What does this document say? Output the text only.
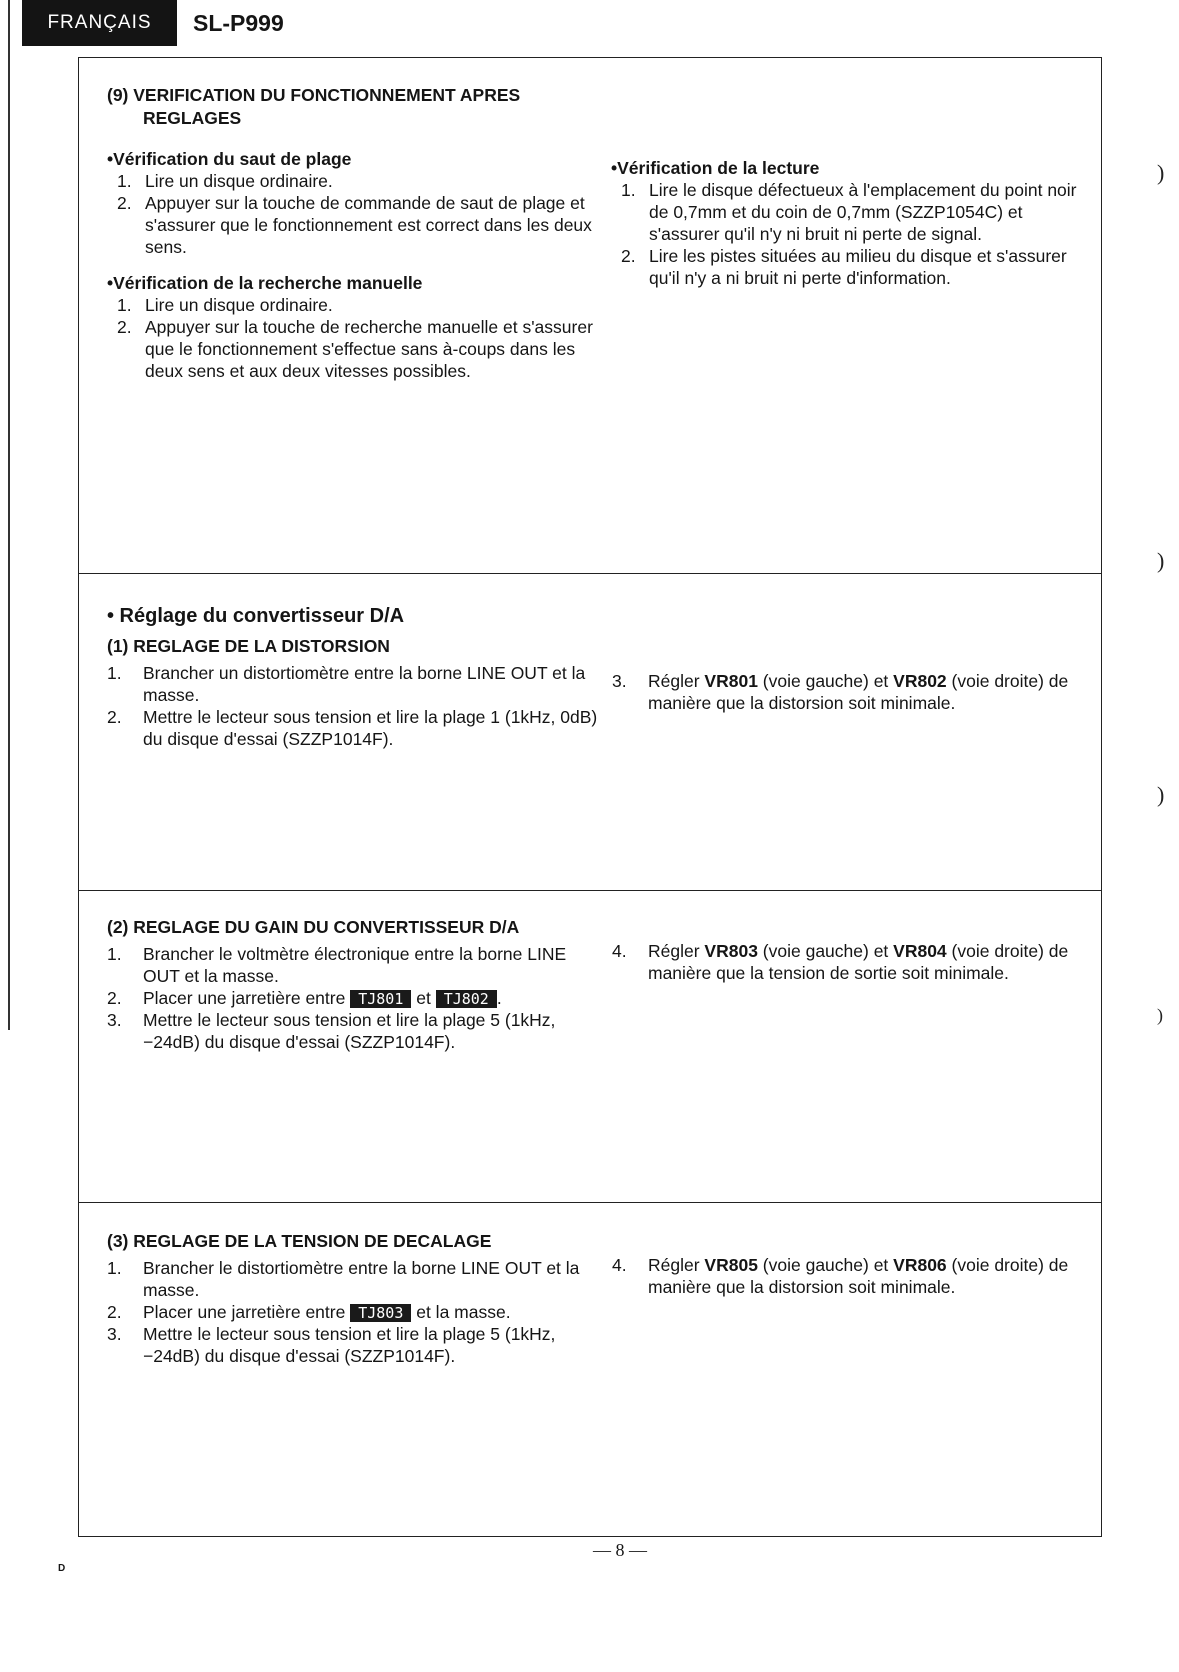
FRANÇAIS	SL-P999
(9) VERIFICATION DU FONCTIONNEMENT APRES
REGLAGES
•Vérification du saut de plage
1. Lire un disque ordinaire.
2. Appuyer sur la touche de commande de saut de plage et s'assurer que le fonctionnement est correct dans les deux sens.
•Vérification de la recherche manuelle
1. Lire un disque ordinaire.
2. Appuyer sur la touche de recherche manuelle et s'assurer que le fonctionnement s'effectue sans à-coups dans les deux sens et aux deux vitesses possibles.
•Vérification de la lecture
1. Lire le disque défectueux à l'emplacement du point noir de 0,7mm et du coin de 0,7mm (SZZP1054C) et s'assurer qu'il n'y ni bruit ni perte de signal.
2. Lire les pistes situées au milieu du disque et s'assurer qu'il n'y a ni bruit ni perte d'information.
• Réglage du convertisseur D/A
(1) REGLAGE DE LA DISTORSION
1.	Brancher un distortiomètre entre la borne LINE OUT et la masse.
2.	Mettre le lecteur sous tension et lire la plage 1 (1kHz, 0dB) du disque d'essai (SZZP1014F).
3.	Régler VR801 (voie gauche) et VR802 (voie droite) de manière que la distorsion soit minimale.
(2) REGLAGE DU GAIN DU CONVERTISSEUR D/A
1.	Brancher le voltmètre électronique entre la borne LINE OUT et la masse.
2.	Placer une jarretière entre TJ801 et TJ802 .
3.	Mettre le lecteur sous tension et lire la plage 5 (1kHz, −24dB) du disque d'essai (SZZP1014F).
4.	Régler VR803 (voie gauche) et VR804 (voie droite) de manière que la tension de sortie soit minimale.
(3) REGLAGE DE LA TENSION DE DECALAGE
1.	Brancher le distortiomètre entre la borne LINE OUT et la masse.
2.	Placer une jarretière entre TJ803 et la masse.
3.	Mettre le lecteur sous tension et lire la plage 5 (1kHz, −24dB) du disque d'essai (SZZP1014F).
4.	Régler VR805 (voie gauche) et VR806 (voie droite) de manière que la distorsion soit minimale.
)
)
)
)
— 8 —
D
